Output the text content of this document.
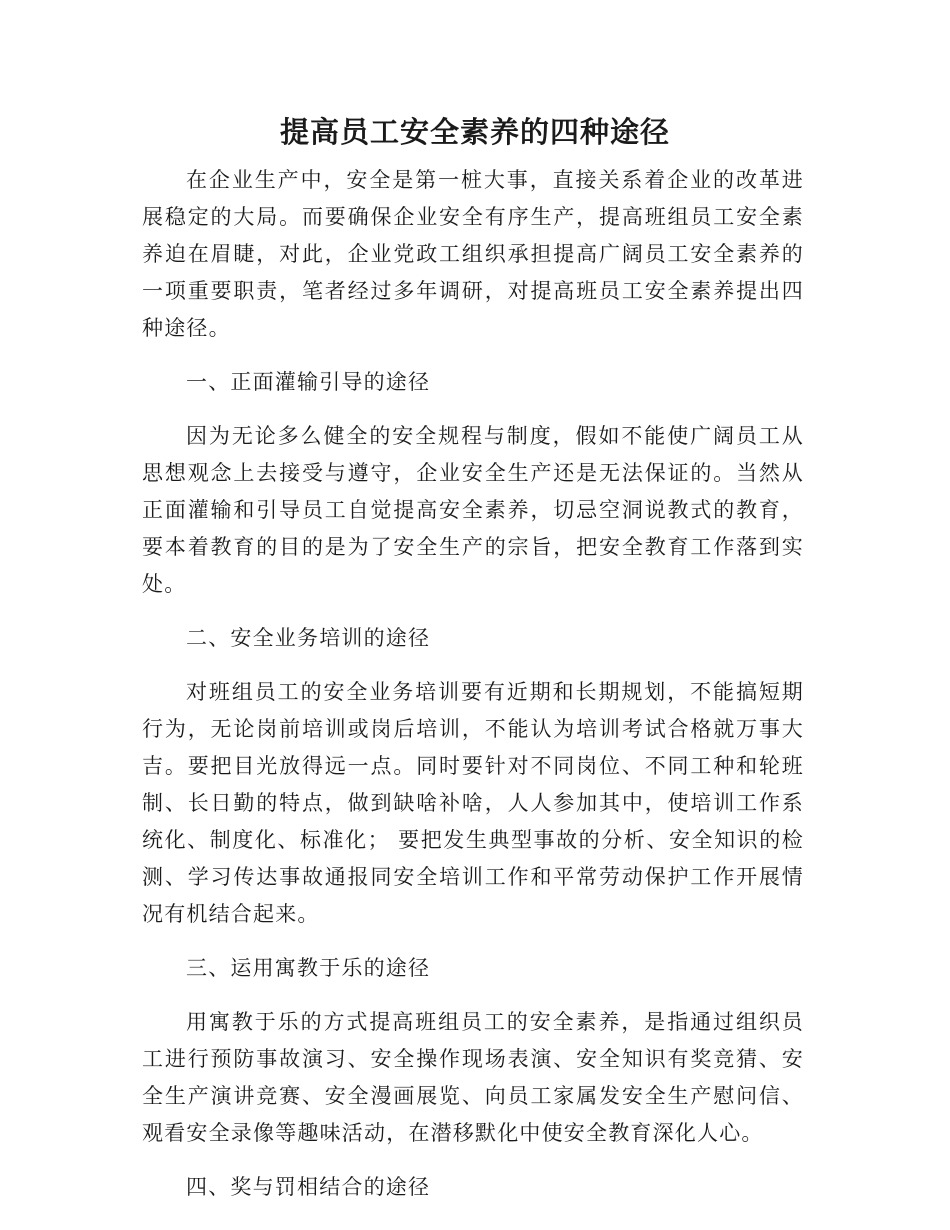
提高员工安全素养的四种途径

在企业生产中，安全是第一桩大事，直接关系着企业的改革进展稳定的大局。而要确保企业安全有序生产，提高班组员工安全素养迫在眉睫，对此，企业党政工组织承担提高广阔员工安全素养的一项重要职责，笔者经过多年调研，对提高班员工安全素养提出四种途径。

一、正面灌输引导的途径

因为无论多么健全的安全规程与制度，假如不能使广阔员工从思想观念上去接受与遵守，企业安全生产还是无法保证的。当然从正面灌输和引导员工自觉提高安全素养，切忌空洞说教式的教育，要本着教育的目的是为了安全生产的宗旨，把安全教育工作落到实处。

二、安全业务培训的途径

对班组员工的安全业务培训要有近期和长期规划，不能搞短期行为，无论岗前培训或岗后培训，不能认为培训考试合格就万事大吉。要把目光放得远一点。同时要针对不同岗位、不同工种和轮班制、长日勤的特点，做到缺啥补啥，人人参加其中，使培训工作系统化、制度化、标准化； 要把发生典型事故的分析、安全知识的检测、学习传达事故通报同安全培训工作和平常劳动保护工作开展情况有机结合起来。

三、运用寓教于乐的途径

用寓教于乐的方式提高班组员工的安全素养，是指通过组织员工进行预防事故演习、安全操作现场表演、安全知识有奖竞猜、安全生产演讲竞赛、安全漫画展览、向员工家属发安全生产慰问信、观看安全录像等趣味活动，在潜移默化中使安全教育深化人心。

四、奖与罚相结合的途径
